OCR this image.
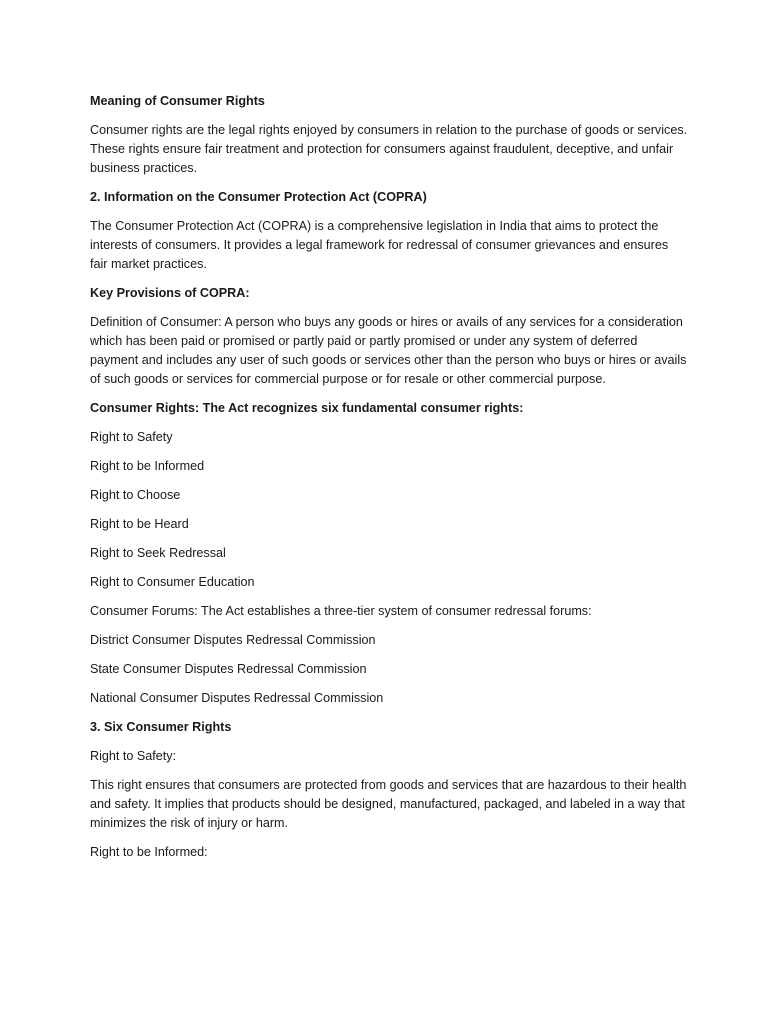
Meaning of Consumer Rights

Consumer rights are the legal rights enjoyed by consumers in relation to the purchase of goods or services. These rights ensure fair treatment and protection for consumers against fraudulent, deceptive, and unfair business practices.

2. Information on the Consumer Protection Act (COPRA)

The Consumer Protection Act (COPRA) is a comprehensive legislation in India that aims to protect the interests of consumers. It provides a legal framework for redressal of consumer grievances and ensures fair market practices.

Key Provisions of COPRA:

Definition of Consumer: A person who buys any goods or hires or avails of any services for a consideration which has been paid or promised or partly paid or partly promised or under any system of deferred payment and includes any user of such goods or services other than the person who buys or hires or avails of such goods or services for commercial purpose or for resale or other commercial purpose.

Consumer Rights: The Act recognizes six fundamental consumer rights:

Right to Safety

Right to be Informed

Right to Choose

Right to be Heard

Right to Seek Redressal

Right to Consumer Education

Consumer Forums: The Act establishes a three-tier system of consumer redressal forums:

District Consumer Disputes Redressal Commission

State Consumer Disputes Redressal Commission

National Consumer Disputes Redressal Commission

3. Six Consumer Rights

Right to Safety:

This right ensures that consumers are protected from goods and services that are hazardous to their health and safety. It implies that products should be designed, manufactured, packaged, and labeled in a way that minimizes the risk of injury or harm.

Right to be Informed:
